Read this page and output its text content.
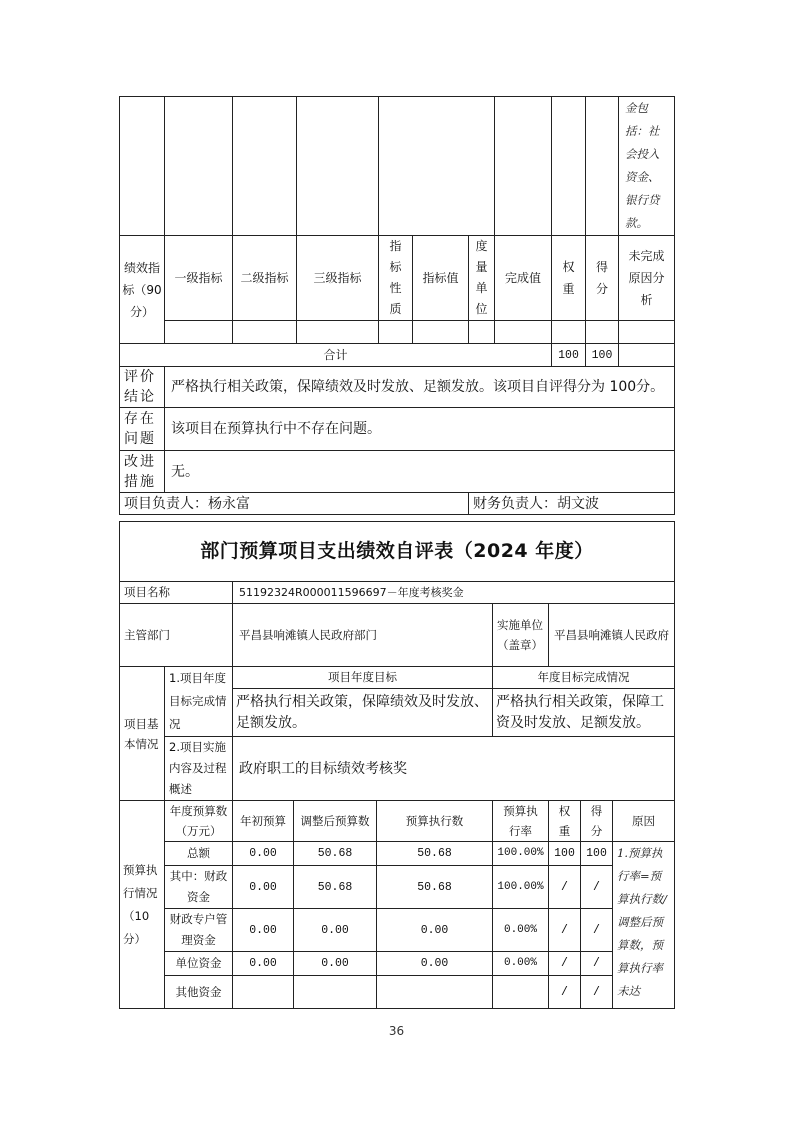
										金包括：社会投入资金、银行贷款。
绩效指标（90分）	一级指标	二级指标	三级指标	指标性质	指标值	度量单位	完成值	权重	得分	未完成原因分析

合计								100	100	
评价结论	严格执行相关政策，保障绩效及时发放、足额发放。该项目自评得分为 100分。									
存在问题	该项目在预算执行中不存在问题。									
改进措施	无。									
项目负责人：杨永富						财务负责人：胡文波				
部门预算项目支出绩效自评表（2024 年度）								
项目名称		51192324R000011596697－年度考核奖金						
主管部门		平昌县响滩镇人民政府部门			实施单位（盖章）	平昌县响滩镇人民政府		
项目基本情况	1.项目年度目标完成情况	项目年度目标			年度目标完成情况			
		严格执行相关政策，保障绩效及时发放、足额发放。			严格执行相关政策，保障工资及时发放、足额发放。			
	2.项目实施内容及过程概述	政府职工的目标绩效考核奖						
预算执行情况（10分）	年度预算数（万元）	年初预算	调整后预算数	预算执行数	预算执行率	权重	得分	原因
	总额	0.00	50.68	50.68	100.00%	100	100	1.预算执行率=预算执行数/调整后预算数，预算执行率未达
	其中：财政资金	0.00	50.68	50.68	100.00%	/	/	
	财政专户管理资金	0.00	0.00	0.00	0.00%	/	/	
	单位资金	0.00	0.00	0.00	0.00%	/	/	
	其他资金					/	/	
36
